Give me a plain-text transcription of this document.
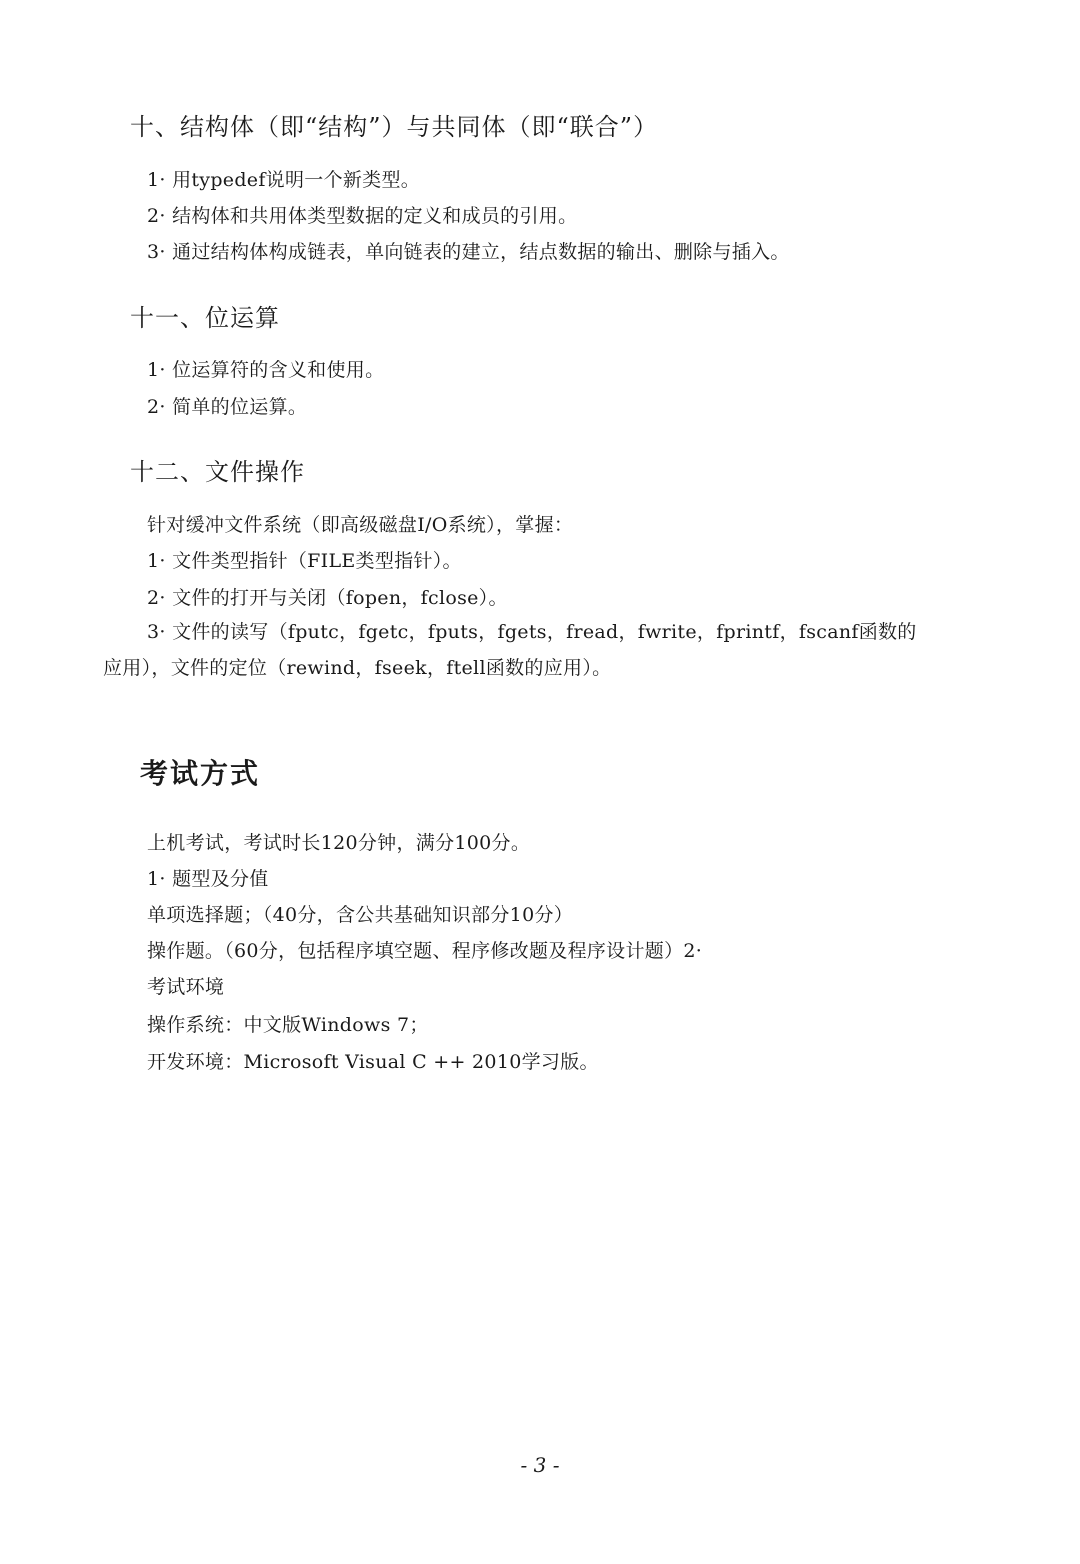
十、结构体（即“结构”）与共同体（即“联合”）
1· 用typedef说明一个新类型。
2· 结构体和共用体类型数据的定义和成员的引用。
3· 通过结构体构成链表，单向链表的建立，结点数据的输出、删除与插入。
十一、位运算
1· 位运算符的含义和使用。
2· 简单的位运算。
十二、文件操作
针对缓冲文件系统（即高级磁盘I/O系统），掌握：
1· 文件类型指针（FILE类型指针）。
2· 文件的打开与关闭（fopen，fclose）。
3· 文件的读写（fputc，fgetc，fputs，fgets，fread，fwrite，fprintf，fscanf函数的
应用），文件的定位（rewind，fseek，ftell函数的应用）。
考试方式
上机考试，考试时长120分钟，满分100分。
1· 题型及分值
单项选择题；（40分，含公共基础知识部分10分）
操作题。（60分，包括程序填空题、程序修改题及程序设计题）2·
考试环境
操作系统：中文版Windows 7；
开发环境：Microsoft Visual C ++ 2010学习版。
- 3 -
